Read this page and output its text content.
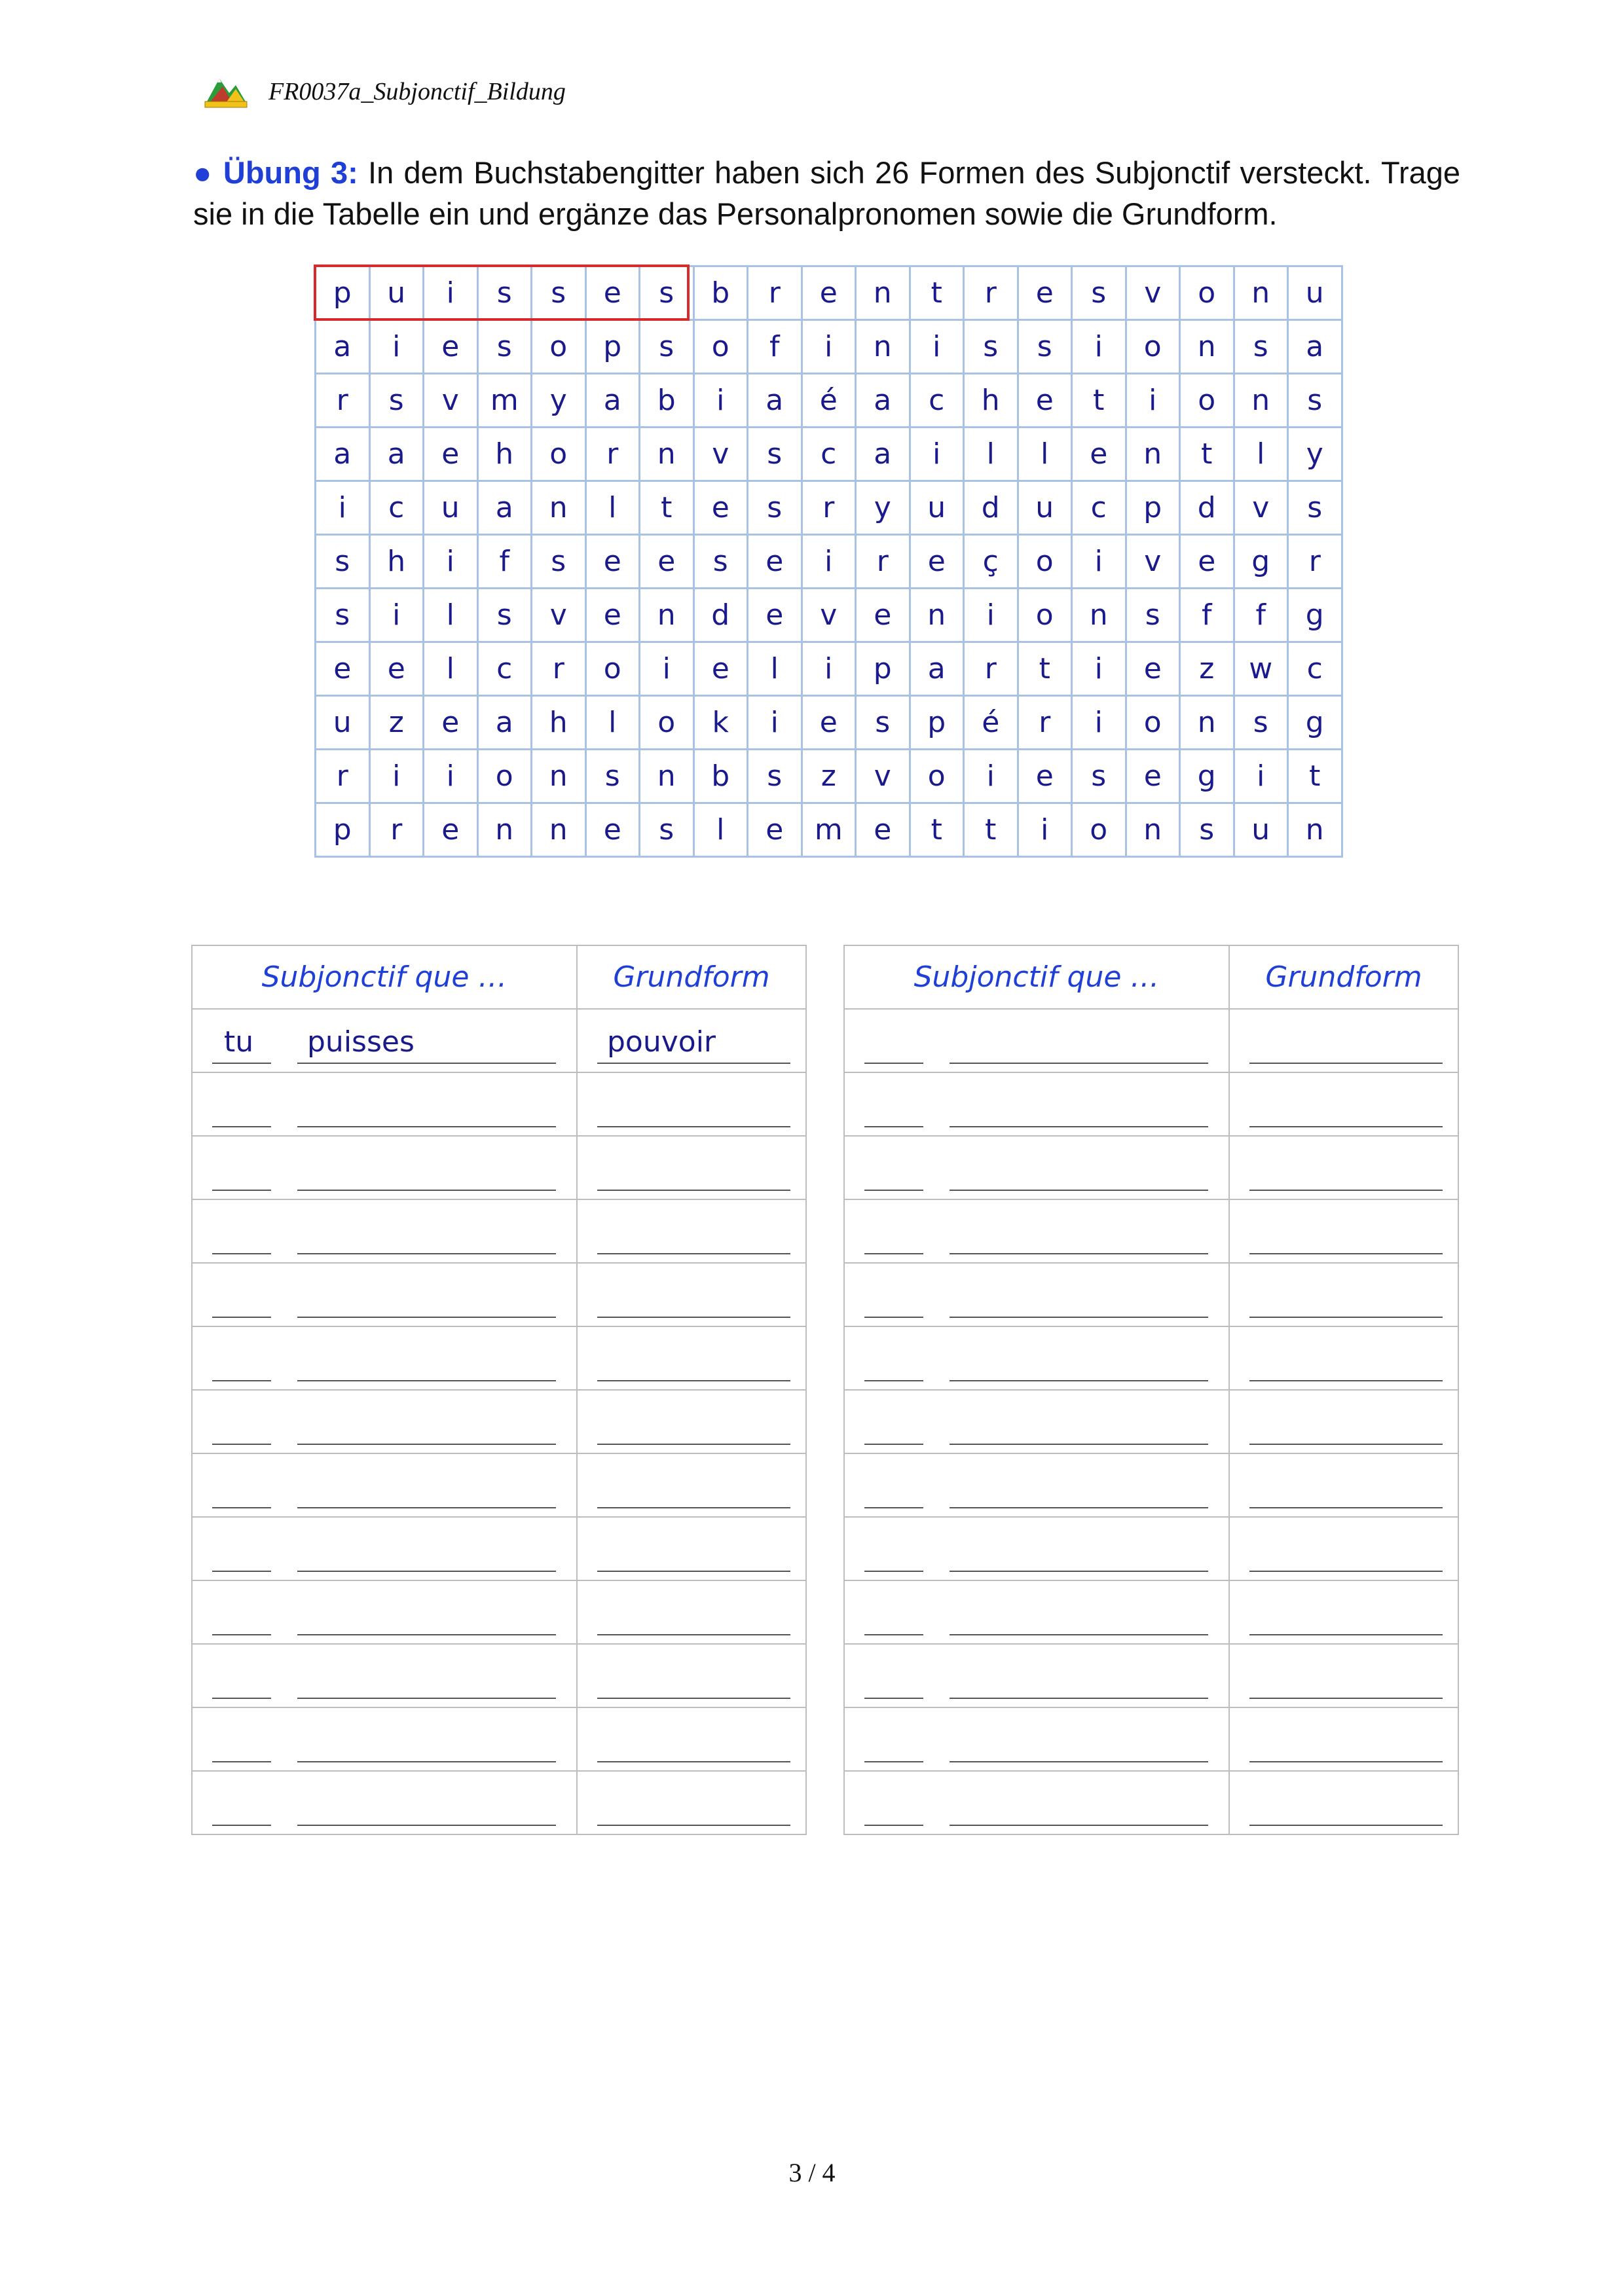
FR0037a_Subjonctif_Bildung
● Übung 3: In dem Buchstabengitter haben sich 26 Formen des Subjonctif versteckt. Trage sie in die Tabelle ein und ergänze das Personalpronomen sowie die Grundform.
p	u	i	s	s	e	s	b	r	e	n	t	r	e	s	v	o	n	u
a	i	e	s	o	p	s	o	f	i	n	i	s	s	i	o	n	s	a
r	s	v	m	y	a	b	i	a	é	a	c	h	e	t	i	o	n	s
a	a	e	h	o	r	n	v	s	c	a	i	l	l	e	n	t	l	y
i	c	u	a	n	l	t	e	s	r	y	u	d	u	c	p	d	v	s
s	h	i	f	s	e	e	s	e	i	r	e	ç	o	i	v	e	g	r
s	i	l	s	v	e	n	d	e	v	e	n	i	o	n	s	f	f	g
e	e	l	c	r	o	i	e	l	i	p	a	r	t	i	e	z	w	c
u	z	e	a	h	l	o	k	i	e	s	p	é	r	i	o	n	s	g
r	i	i	o	n	s	n	b	s	z	v	o	i	e	s	e	g	i	t
p	r	e	n	n	e	s	l	e	m	e	t	t	i	o	n	s	u	n
Subjonctif que …	Grundform

tu puisses	pouvoir

Subjonctif que …	Grundform

3 / 4
